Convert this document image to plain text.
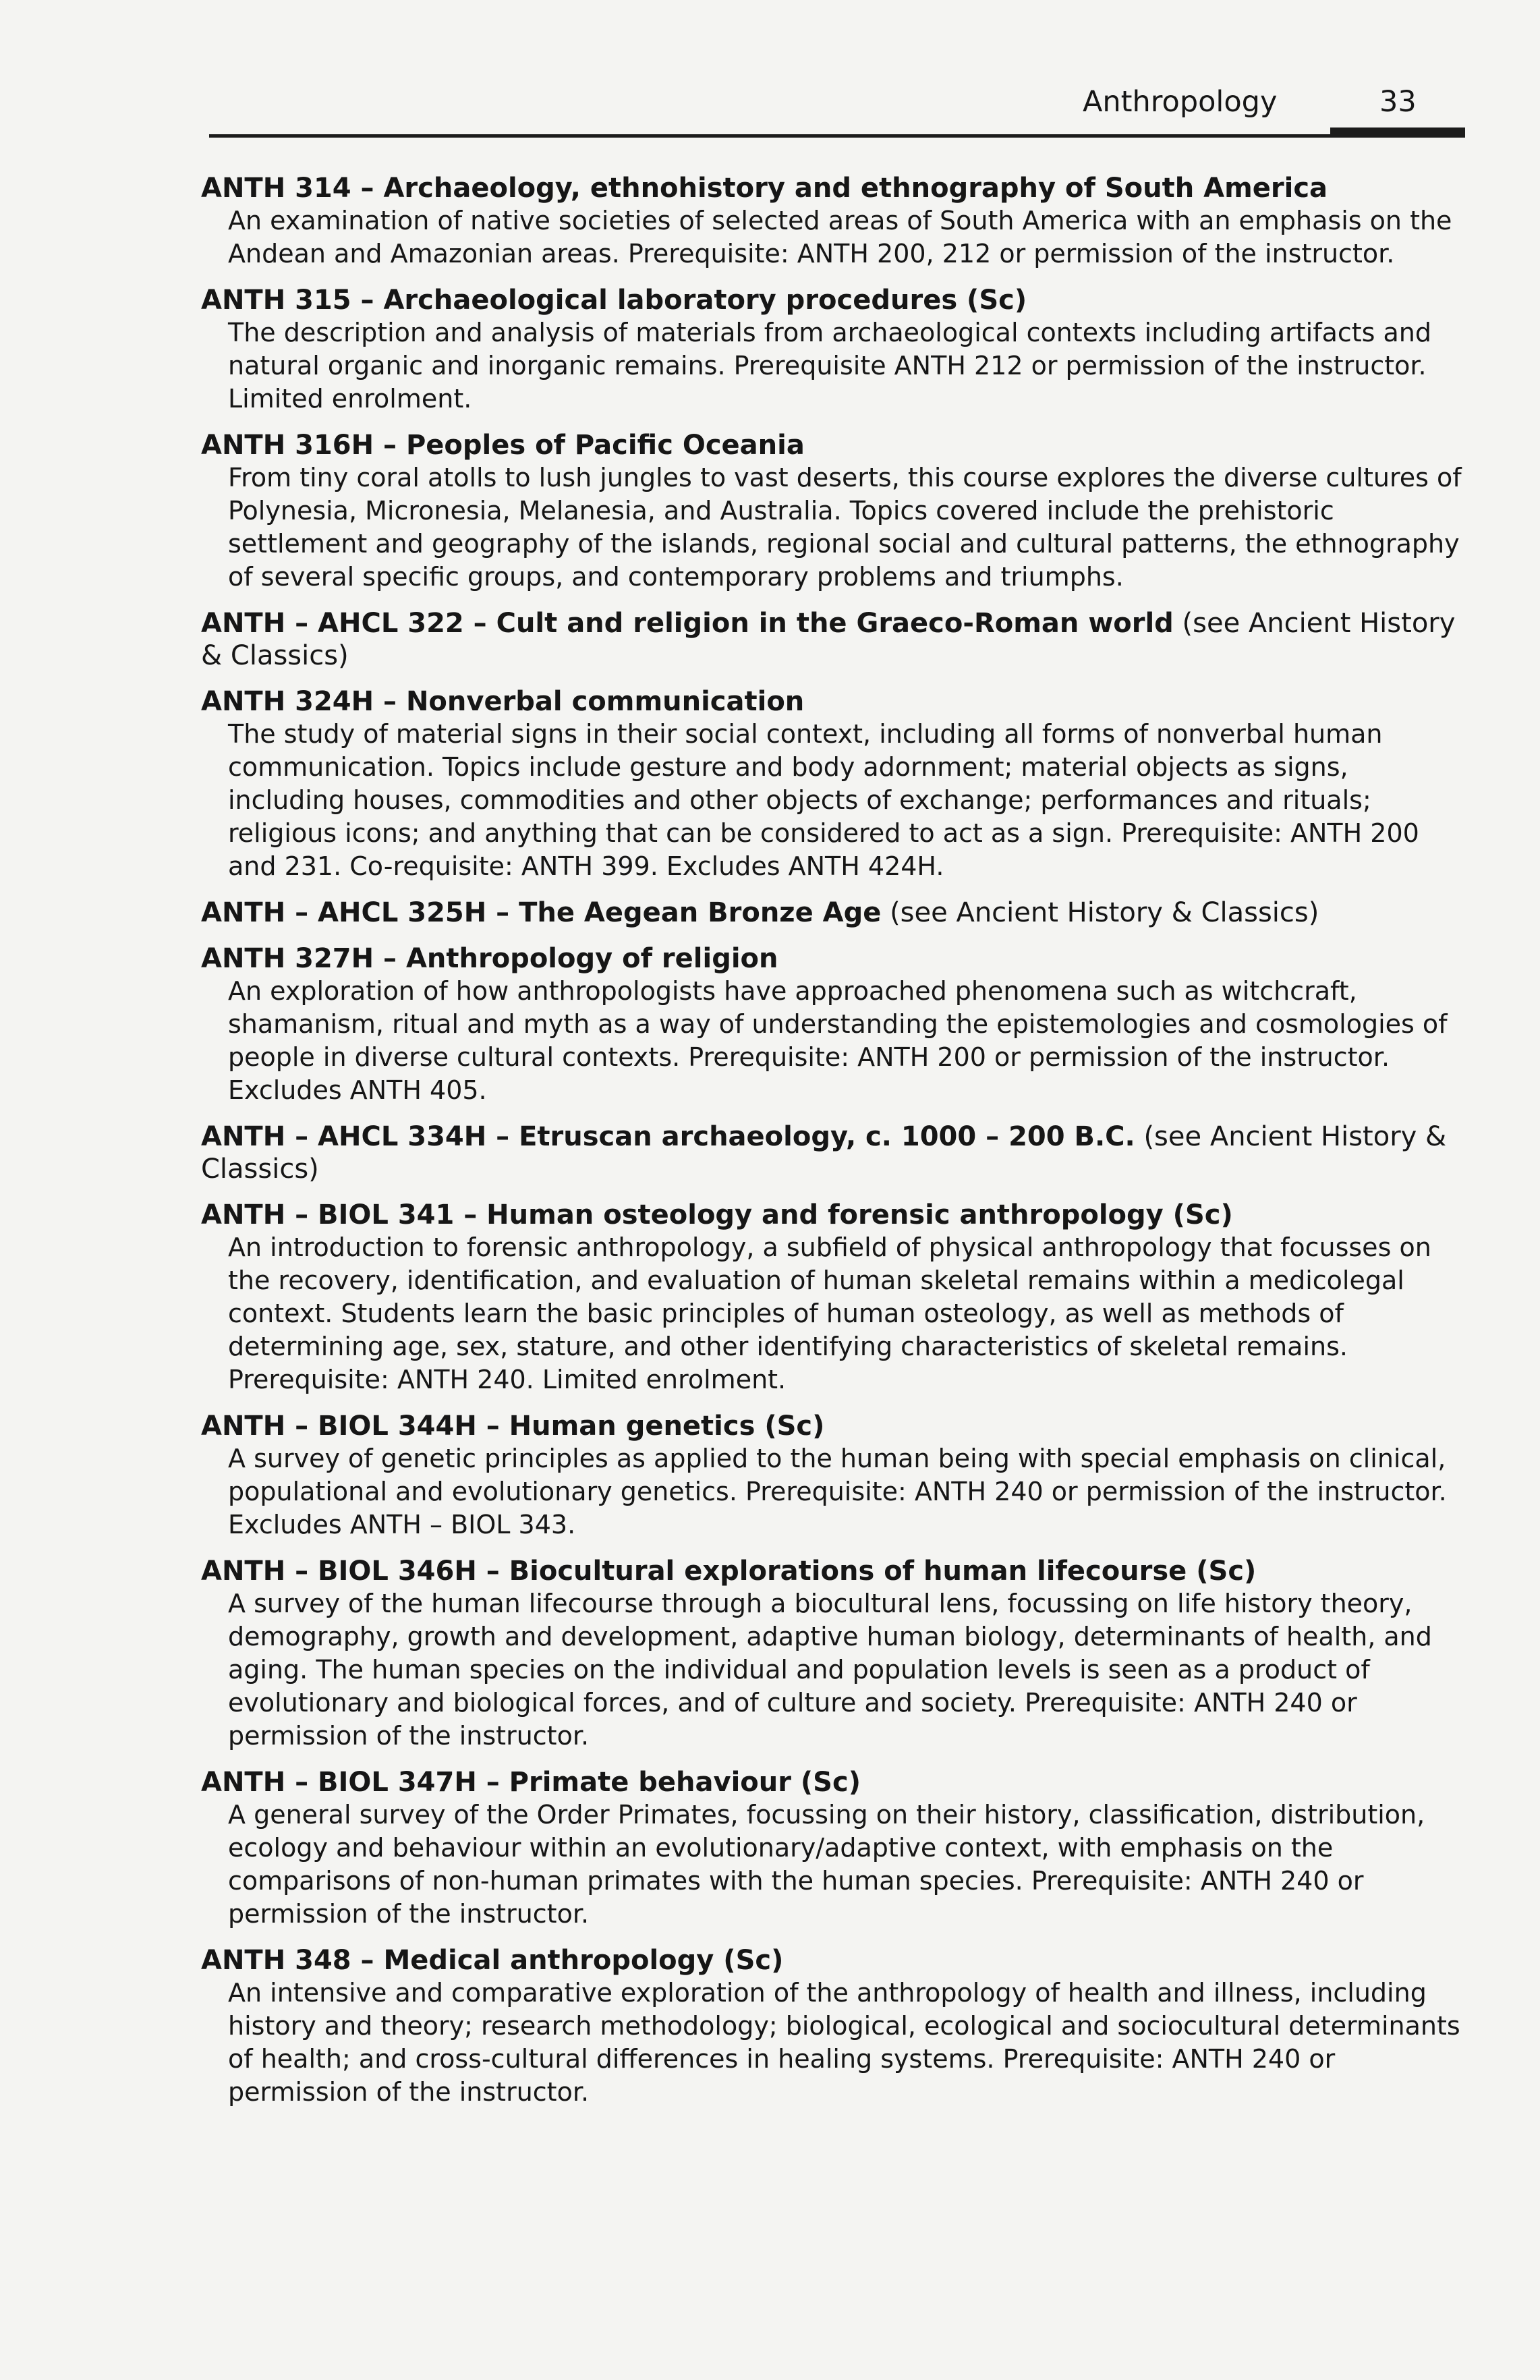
Anthropology	33
ANTH 314 – Archaeology, ethnohistory and ethnography of South America
An examination of native societies of selected areas of South America with an emphasis on the Andean and Amazonian areas. Prerequisite: ANTH 200, 212 or permission of the instructor.
ANTH 315 – Archaeological laboratory procedures (Sc)
The description and analysis of materials from archaeological contexts including artifacts and natural organic and inorganic remains. Prerequisite ANTH 212 or permission of the instructor. Limited enrolment.
ANTH 316H – Peoples of Pacific Oceania
From tiny coral atolls to lush jungles to vast deserts, this course explores the diverse cultures of Polynesia, Micronesia, Melanesia, and Australia. Topics covered include the prehistoric settlement and geography of the islands, regional social and cultural patterns, the ethnography of several specific groups, and contemporary problems and triumphs.
ANTH – AHCL 322 – Cult and religion in the Graeco-Roman world (see Ancient History & Classics)
ANTH 324H – Nonverbal communication
The study of material signs in their social context, including all forms of nonverbal human communication. Topics include gesture and body adornment; material objects as signs, including houses, commodities and other objects of exchange; performances and rituals; religious icons; and anything that can be considered to act as a sign. Prerequisite: ANTH 200 and 231. Co-requisite: ANTH 399. Excludes ANTH 424H.
ANTH – AHCL 325H – The Aegean Bronze Age (see Ancient History & Classics)
ANTH 327H – Anthropology of religion
An exploration of how anthropologists have approached phenomena such as witchcraft, shamanism, ritual and myth as a way of understanding the epistemologies and cosmologies of people in diverse cultural contexts. Prerequisite: ANTH 200 or permission of the instructor. Excludes ANTH 405.
ANTH – AHCL 334H – Etruscan archaeology, c. 1000 – 200 B.C. (see Ancient History & Classics)
ANTH – BIOL 341 – Human osteology and forensic anthropology (Sc)
An introduction to forensic anthropology, a subfield of physical anthropology that focusses on the recovery, identification, and evaluation of human skeletal remains within a medicolegal context. Students learn the basic principles of human osteology, as well as methods of determining age, sex, stature, and other identifying characteristics of skeletal remains. Prerequisite: ANTH 240. Limited enrolment.
ANTH – BIOL 344H – Human genetics (Sc)
A survey of genetic principles as applied to the human being with special emphasis on clinical, populational and evolutionary genetics. Prerequisite: ANTH 240 or permission of the instructor. Excludes ANTH – BIOL 343.
ANTH – BIOL 346H – Biocultural explorations of human lifecourse (Sc)
A survey of the human lifecourse through a biocultural lens, focussing on life history theory, demography, growth and development, adaptive human biology, determinants of health, and aging. The human species on the individual and population levels is seen as a product of evolutionary and biological forces, and of culture and society. Prerequisite: ANTH 240 or permission of the instructor.
ANTH – BIOL 347H – Primate behaviour (Sc)
A general survey of the Order Primates, focussing on their history, classification, distribution, ecology and behaviour within an evolutionary/adaptive context, with emphasis on the comparisons of non-human primates with the human species. Prerequisite: ANTH 240 or permission of the instructor.
ANTH 348 – Medical anthropology (Sc)
An intensive and comparative exploration of the anthropology of health and illness, including history and theory; research methodology; biological, ecological and sociocultural determinants of health; and cross-cultural differences in healing systems. Prerequisite: ANTH 240 or permission of the instructor.
